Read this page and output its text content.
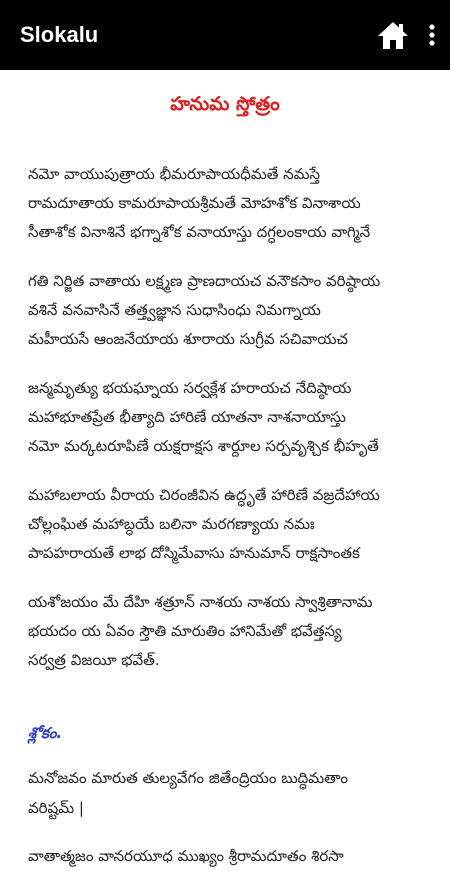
Slokalu
హనుమ స్తోత్రం
నమో వాయుపుత్రాయ భీమరూపాయధీమతే నమస్తే
రామదూతాయ కామరూపాయశ్రీమతే మోహశోక వినాశాయ
సీతాశోక వినాశినే భగ్నాశోక వనాయాస్తు దగ్ధలంకాయ వాగ్మినే
గతి నిర్జిత వాతాయ లక్ష్మణ ప్రాణదాయచ వనౌకసాం వరిష్ఠాయ
వశినే వనవాసినే తత్త్వజ్ఞాన సుధాసింధు నిమగ్నాయ
మహీయసే ఆంజనేయాయ శూరాయ సుగ్రీవ సచివాయచ
జన్మమృత్యు భయఘ్నాయ సర్వక్లేశ హరాయచ నేదిష్ఠాయ
మహాభూతప్రేత భీత్యాది హారిణే యాతనా నాశనాయాస్తు
నమో మర్కటరూపిణే యక్షరాక్షస శార్దూల సర్పవృశ్చిక భీహృతే
మహాబలాయ వీరాయ చిరంజీవిన ఉద్ధృతే హారిణే వజ్రదేహాయ
చోల్లంఘిత మహాబ్ధయే బలినా మరగణ్యాయ నమః
పాపహరాయతే లాభ దోస్మిమేవాసు హనుమాన్ రాక్షసాంతక
యశోజయం మే దేహి శత్రూన్ నాశయ నాశయ స్వాశ్రితానామ
భయదం య ఏవం స్తౌతి మారుతిం హానిమేతో భవేత్తస్య
సర్వత్ర విజయీ భవేత్.
శ్లోకం.
మనోజవం మారుత తుల్యవేగం జితేంద్రియం బుద్ధిమతాం
వరిష్టమ్ |
వాతాత్మజం వానరయూధ ముఖ్యం శ్రీరామదూతం శిరసా
